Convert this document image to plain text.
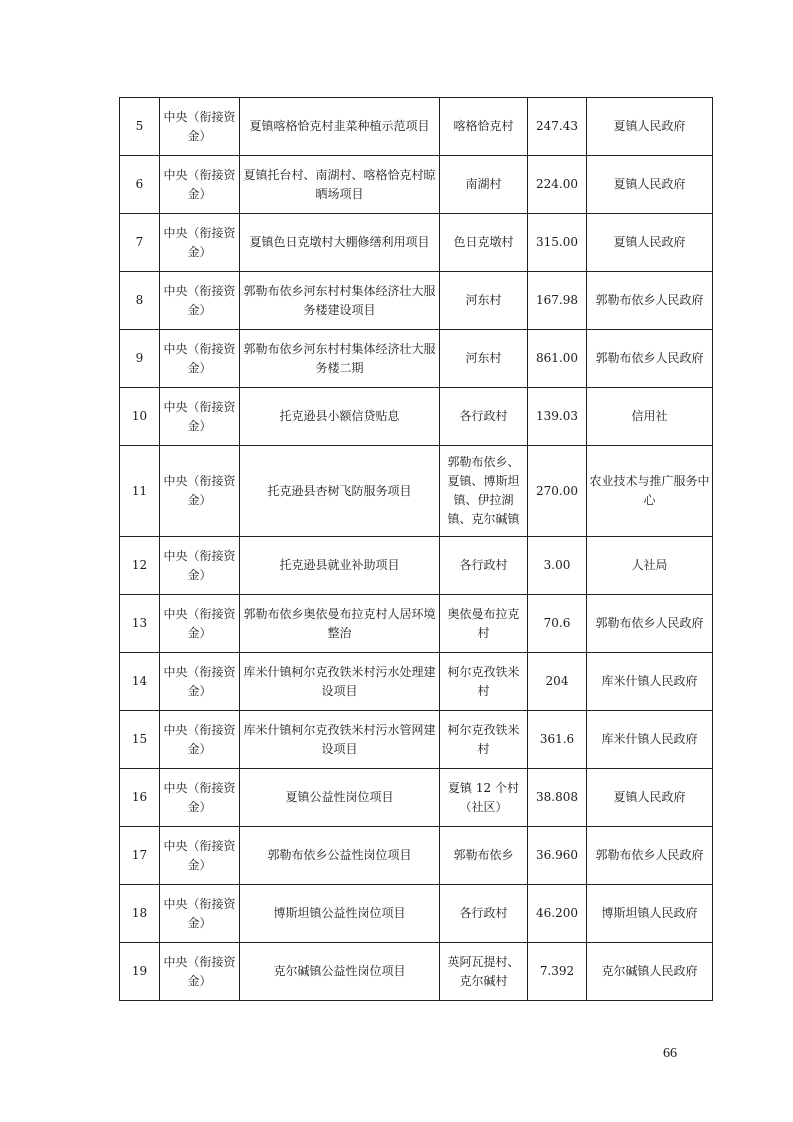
5	中央（衔接资金）	夏镇喀格恰克村韭菜种植示范项目	喀格恰克村	247.43	夏镇人民政府
6	中央（衔接资金）	夏镇托台村、南湖村、喀格恰克村晾晒场项目	南湖村	224.00	夏镇人民政府
7	中央（衔接资金）	夏镇色日克墩村大棚修缮利用项目	色日克墩村	315.00	夏镇人民政府
8	中央（衔接资金）	郭勒布依乡河东村村集体经济壮大服务楼建设项目	河东村	167.98	郭勒布依乡人民政府
9	中央（衔接资金）	郭勒布依乡河东村村集体经济壮大服务楼二期	河东村	861.00	郭勒布依乡人民政府
10	中央（衔接资金）	托克逊县小额信贷贴息	各行政村	139.03	信用社
11	中央（衔接资金）	托克逊县杏树飞防服务项目	郭勒布依乡、夏镇、博斯坦镇、伊拉湖镇、克尔碱镇	270.00	农业技术与推广服务中心
12	中央（衔接资金）	托克逊县就业补助项目	各行政村	3.00	人社局
13	中央（衔接资金）	郭勒布依乡奥依曼布拉克村人居环境整治	奥依曼布拉克村	70.6	郭勒布依乡人民政府
14	中央（衔接资金）	库米什镇柯尔克孜铁米村污水处理建设项目	柯尔克孜铁米村	204	库米什镇人民政府
15	中央（衔接资金）	库米什镇柯尔克孜铁米村污水管网建设项目	柯尔克孜铁米村	361.6	库米什镇人民政府
16	中央（衔接资金）	夏镇公益性岗位项目	夏镇 12 个村（社区）	38.808	夏镇人民政府
17	中央（衔接资金）	郭勒布依乡公益性岗位项目	郭勒布依乡	36.960	郭勒布依乡人民政府
18	中央（衔接资金）	博斯坦镇公益性岗位项目	各行政村	46.200	博斯坦镇人民政府
19	中央（衔接资金）	克尔碱镇公益性岗位项目	英阿瓦提村、克尔碱村	7.392	克尔碱镇人民政府
66
